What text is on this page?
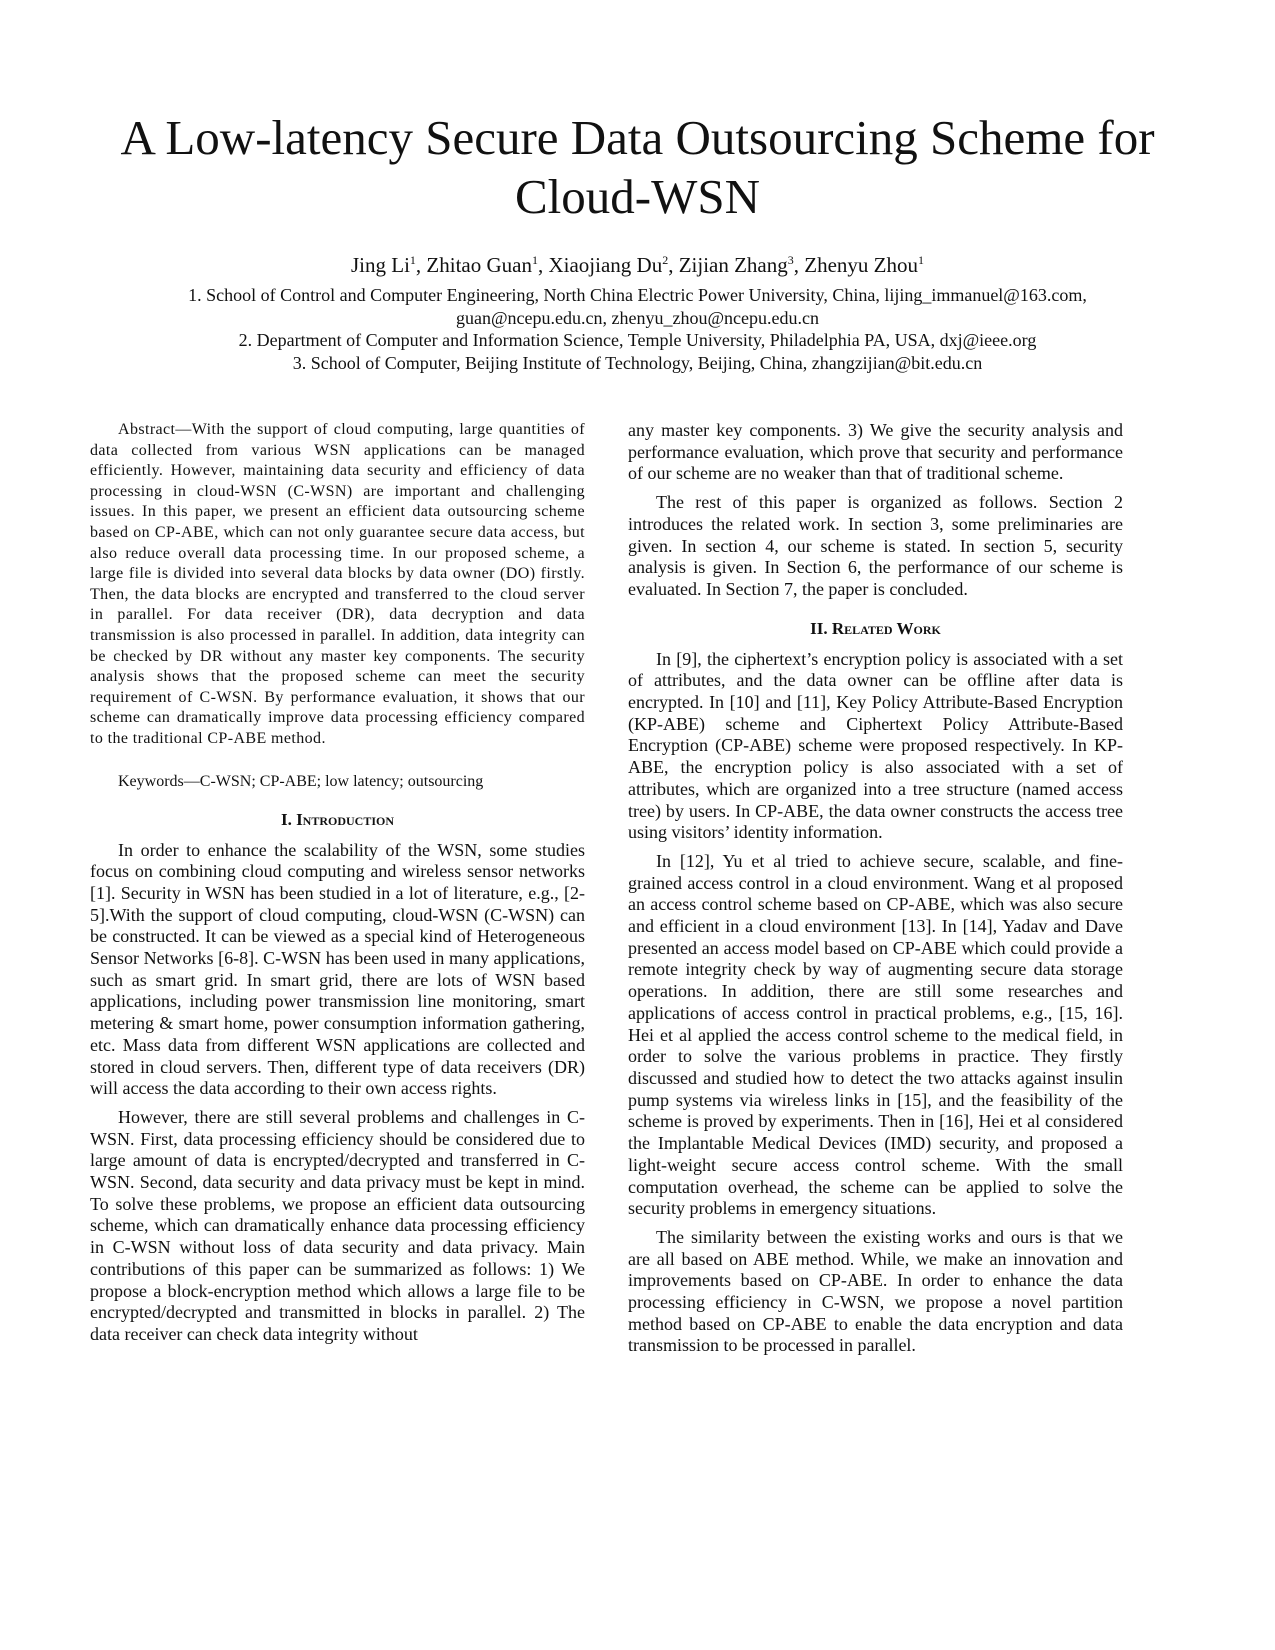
A Low-latency Secure Data Outsourcing Scheme for Cloud-WSN

Jing Li$^1$, Zhitao Guan$^1$, Xiaojiang Du$^2$, Zijian Zhang$^3$, Zhenyu Zhou$^1$

1. School of Control and Computer Engineering, North China Electric Power University, China, lijing_immanuel@163.com,

guan@ncepu.edu.cn, zhenyu_zhou@ncepu.edu.cn

2. Department of Computer and Information Science, Temple University, Philadelphia PA, USA, dxj@ieee.org

3. School of Computer, Beijing Institute of Technology, Beijing, China, zhangzijian@bit.edu.cn

Abstract—With the support of cloud computing, large quantities of data collected from various WSN applications can be managed efficiently. However, maintaining data security and efficiency of data processing in cloud-WSN (C-WSN) are important and challenging issues. In this paper, we present an efficient data outsourcing scheme based on CP-ABE, which can not only guarantee secure data access, but also reduce overall data processing time. In our proposed scheme, a large file is divided into several data blocks by data owner (DO) firstly. Then, the data blocks are encrypted and transferred to the cloud server in parallel. For data receiver (DR), data decryption and data transmission is also processed in parallel. In addition, data integrity can be checked by DR without any master key components. The security analysis shows that the proposed scheme can meet the security requirement of C-WSN. By performance evaluation, it shows that our scheme can dramatically improve data processing efficiency compared to the traditional CP-ABE method.

Keywords—C-WSN; CP-ABE; low latency; outsourcing

I. Introduction

In order to enhance the scalability of the WSN, some studies focus on combining cloud computing and wireless sensor networks [1]. Security in WSN has been studied in a lot of literature, e.g., [2-5].With the support of cloud computing, cloud-WSN (C-WSN) can be constructed. It can be viewed as a special kind of Heterogeneous Sensor Networks [6-8]. C-WSN has been used in many applications, such as smart grid. In smart grid, there are lots of WSN based applications, including power transmission line monitoring, smart metering & smart home, power consumption information gathering, etc. Mass data from different WSN applications are collected and stored in cloud servers. Then, different type of data receivers (DR) will access the data according to their own access rights.

However, there are still several problems and challenges in C-WSN. First, data processing efficiency should be considered due to large amount of data is encrypted/decrypted and transferred in C-WSN. Second, data security and data privacy must be kept in mind. To solve these problems, we propose an efficient data outsourcing scheme, which can dramatically enhance data processing efficiency in C-WSN without loss of data security and data privacy. Main contributions of this paper can be summarized as follows: 1) We propose a block-encryption method which allows a large file to be encrypted/decrypted and transmitted in blocks in parallel. 2) The data receiver can check data integrity without

any master key components. 3) We give the security analysis and performance evaluation, which prove that security and performance of our scheme are no weaker than that of traditional scheme.

The rest of this paper is organized as follows. Section 2 introduces the related work. In section 3, some preliminaries are given. In section 4, our scheme is stated. In section 5, security analysis is given. In Section 6, the performance of our scheme is evaluated. In Section 7, the paper is concluded.

II. Related Work

In [9], the ciphertext’s encryption policy is associated with a set of attributes, and the data owner can be offline after data is encrypted. In [10] and [11], Key Policy Attribute-Based Encryption (KP-ABE) scheme and Ciphertext Policy Attribute-Based Encryption (CP-ABE) scheme were proposed respectively. In KP-ABE, the encryption policy is also associated with a set of attributes, which are organized into a tree structure (named access tree) by users. In CP-ABE, the data owner constructs the access tree using visitors’ identity information.

In [12], Yu et al tried to achieve secure, scalable, and fine-grained access control in a cloud environment. Wang et al proposed an access control scheme based on CP-ABE, which was also secure and efficient in a cloud environment [13]. In [14], Yadav and Dave presented an access model based on CP-ABE which could provide a remote integrity check by way of augmenting secure data storage operations. In addition, there are still some researches and applications of access control in practical problems, e.g., [15, 16]. Hei et al applied the access control scheme to the medical field, in order to solve the various problems in practice. They firstly discussed and studied how to detect the two attacks against insulin pump systems via wireless links in [15], and the feasibility of the scheme is proved by experiments. Then in [16], Hei et al considered the Implantable Medical Devices (IMD) security, and proposed a light-weight secure access control scheme. With the small computation overhead, the scheme can be applied to solve the security problems in emergency situations.

The similarity between the existing works and ours is that we are all based on ABE method. While, we make an innovation and improvements based on CP-ABE. In order to enhance the data processing efficiency in C-WSN, we propose a novel partition method based on CP-ABE to enable the data encryption and data transmission to be processed in parallel.
